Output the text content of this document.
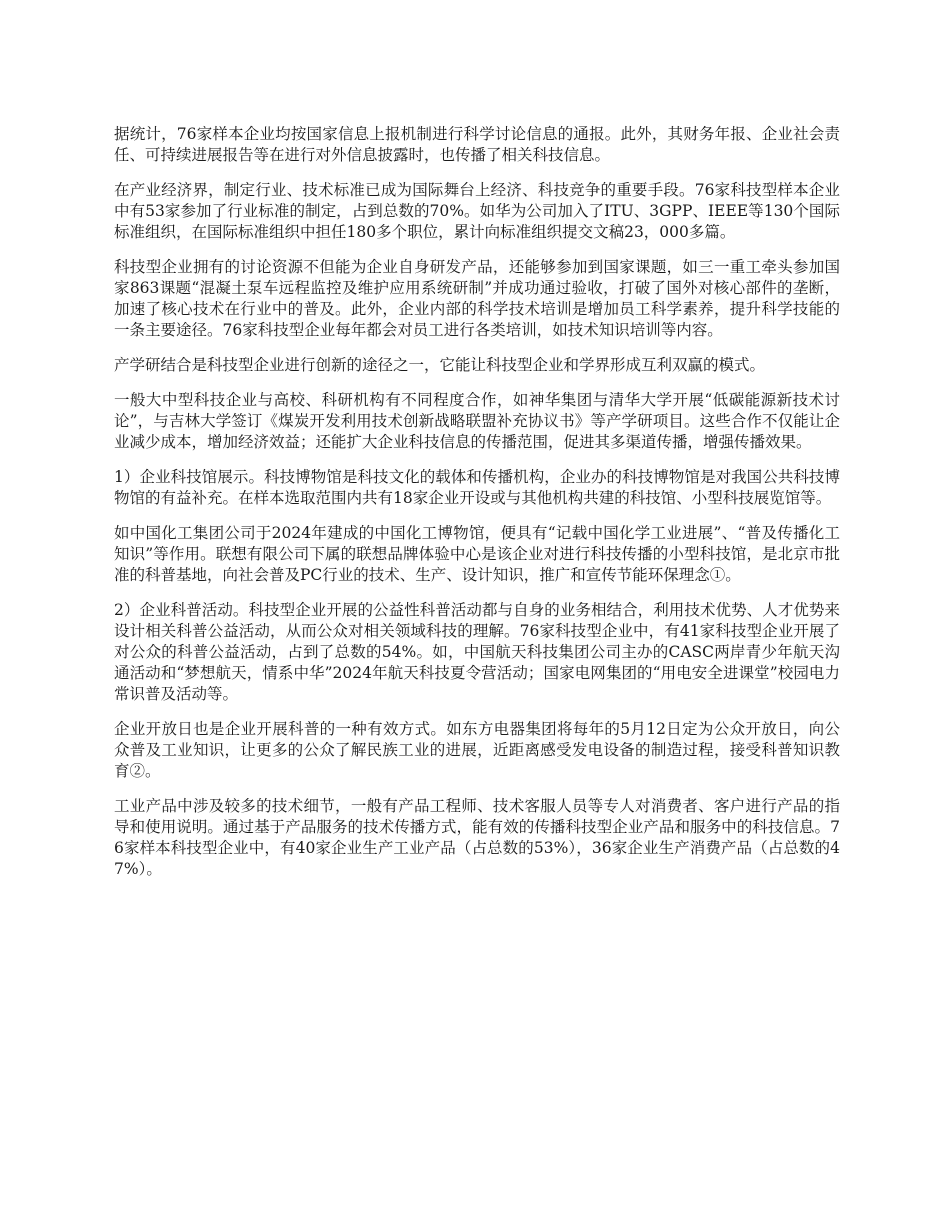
据统计，76家样本企业均按国家信息上报机制进行科学讨论信息的通报。此外，其财务年报、企业社会责任、可持续进展报告等在进行对外信息披露时，也传播了相关科技信息。

在产业经济界，制定行业、技术标准已成为国际舞台上经济、科技竞争的重要手段。76家科技型样本企业中有53家参加了行业标准的制定，占到总数的70%。如华为公司加入了ITU、3GPP、IEEE等130个国际标准组织，在国际标准组织中担任180多个职位，累计向标准组织提交文稿23，000多篇。

科技型企业拥有的讨论资源不但能为企业自身研发产品，还能够参加到国家课题，如三一重工牵头参加国家863课题“混凝土泵车远程监控及维护应用系统研制”并成功通过验收，打破了国外对核心部件的垄断，加速了核心技术在行业中的普及。此外，企业内部的科学技术培训是增加员工科学素养，提升科学技能的一条主要途径。76家科技型企业每年都会对员工进行各类培训，如技术知识培训等内容。

产学研结合是科技型企业进行创新的途径之一，它能让科技型企业和学界形成互利双赢的模式。

一般大中型科技企业与高校、科研机构有不同程度合作，如神华集团与清华大学开展“低碳能源新技术讨论”，与吉林大学签订《煤炭开发利用技术创新战略联盟补充协议书》等产学研项目。这些合作不仅能让企业减少成本，增加经济效益；还能扩大企业科技信息的传播范围，促进其多渠道传播，增强传播效果。

1）企业科技馆展示。科技博物馆是科技文化的载体和传播机构，企业办的科技博物馆是对我国公共科技博物馆的有益补充。在样本选取范围内共有18家企业开设或与其他机构共建的科技馆、小型科技展览馆等。

如中国化工集团公司于2024年建成的中国化工博物馆，便具有“记载中国化学工业进展”、“普及传播化工知识”等作用。联想有限公司下属的联想品牌体验中心是该企业对进行科技传播的小型科技馆，是北京市批准的科普基地，向社会普及PC行业的技术、生产、设计知识，推广和宣传节能环保理念①。

2）企业科普活动。科技型企业开展的公益性科普活动都与自身的业务相结合，利用技术优势、人才优势来设计相关科普公益活动，从而公众对相关领域科技的理解。76家科技型企业中，有41家科技型企业开展了对公众的科普公益活动，占到了总数的54%。如，中国航天科技集团公司主办的CASC两岸青少年航天沟通活动和“梦想航天，情系中华”2024年航天科技夏令营活动；国家电网集团的“用电安全进课堂”校园电力常识普及活动等。

企业开放日也是企业开展科普的一种有效方式。如东方电器集团将每年的5月12日定为公众开放日，向公众普及工业知识，让更多的公众了解民族工业的进展，近距离感受发电设备的制造过程，接受科普知识教育②。

工业产品中涉及较多的技术细节，一般有产品工程师、技术客服人员等专人对消费者、客户进行产品的指导和使用说明。通过基于产品服务的技术传播方式，能有效的传播科技型企业产品和服务中的科技信息。76家样本科技型企业中，有40家企业生产工业产品（占总数的53%），36家企业生产消费产品（占总数的47%）。
